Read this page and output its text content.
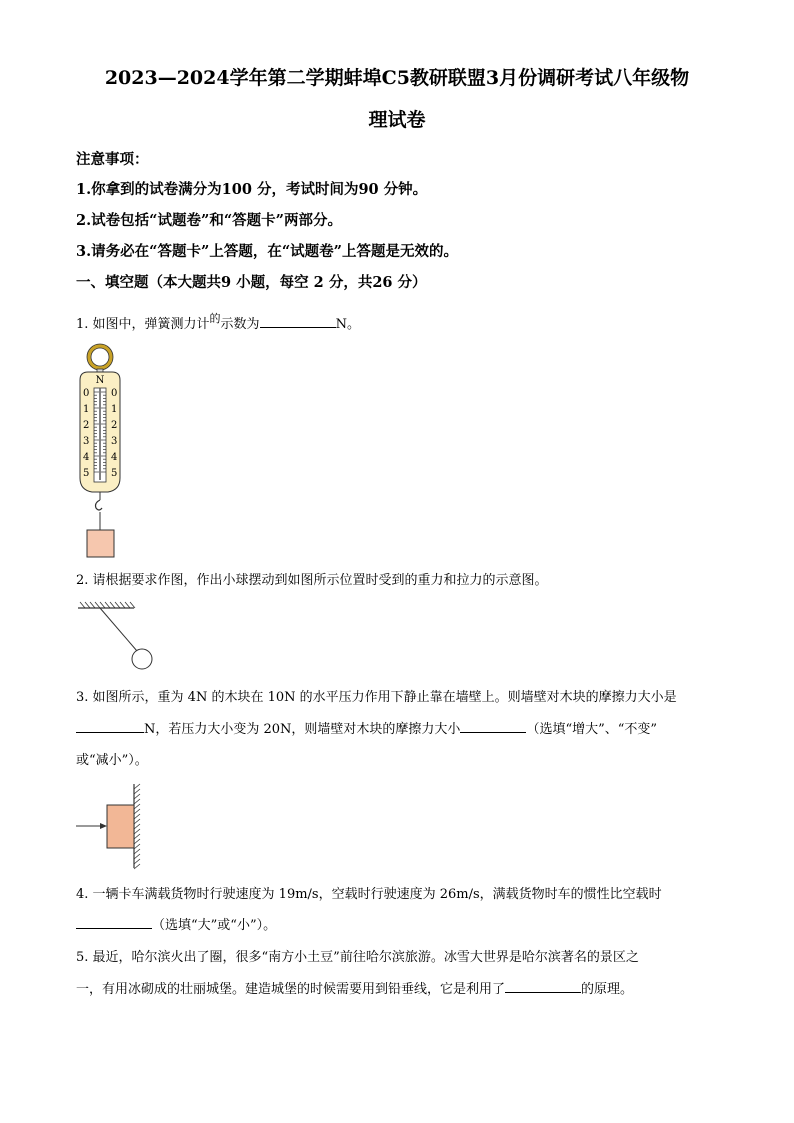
2023—2024学年第二学期蚌埠C5教研联盟3月份调研考试八年级物
理试卷
注意事项：
1.你拿到的试卷满分为100 分，考试时间为90 分钟。
2.试卷包括“试题卷”和“答题卡”两部分。
3.请务必在“答题卡”上答题，在“试题卷”上答题是无效的。
一、填空题（本大题共9 小题，每空 2 分，共26 分）
1. 如图中，弹簧测力计$^的$示数为	N。
N
0
1
2
3
4
5
0
1
2
3
4
5
2. 请根据要求作图，作出小球摆动到如图所示位置时受到的重力和拉力的示意图。
3. 如图所示，重为 4N 的木块在 10N 的水平压力作用下静止靠在墙壁上。则墙壁对木块的摩擦力大小是
N，若压力大小变为 20N，则墙壁对木块的摩擦力大小	（选填“增大”、“不变”
或“减小”）。
4. 一辆卡车满载货物时行驶速度为 19m/s，空载时行驶速度为 26m/s，满载货物时车的惯性比空载时
（选填“大”或“小”）。
5. 最近，哈尔滨火出了圈，很多“南方小土豆”前往哈尔滨旅游。冰雪大世界是哈尔滨著名的景区之
一，有用冰砌成的壮丽城堡。建造城堡的时候需要用到铅垂线，它是利用了	的原理。
